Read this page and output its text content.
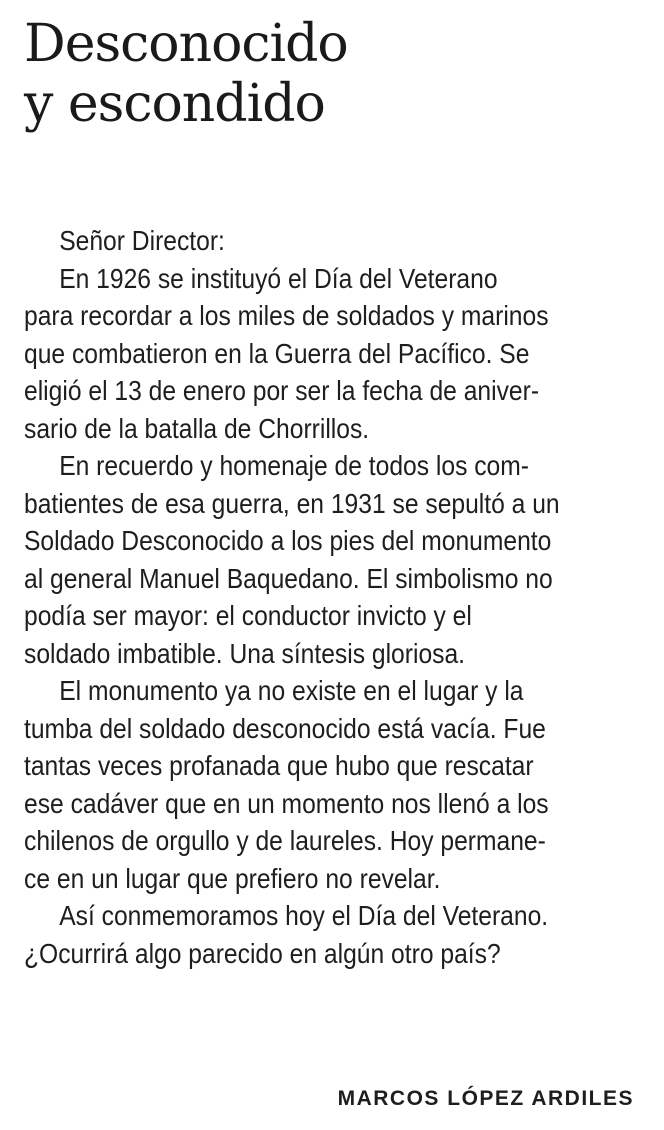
Desconocido
y escondido
Señor Director:
En 1926 se instituyó el Día del Veterano
para recordar a los miles de soldados y marinos
que combatieron en la Guerra del Pacífico. Se
eligió el 13 de enero por ser la fecha de aniver-
sario de la batalla de Chorrillos.
En recuerdo y homenaje de todos los com-
batientes de esa guerra, en 1931 se sepultó a un
Soldado Desconocido a los pies del monumento
al general Manuel Baquedano. El simbolismo no
podía ser mayor: el conductor invicto y el
soldado imbatible. Una síntesis gloriosa.
El monumento ya no existe en el lugar y la
tumba del soldado desconocido está vacía. Fue
tantas veces profanada que hubo que rescatar
ese cadáver que en un momento nos llenó a los
chilenos de orgullo y de laureles. Hoy permane-
ce en un lugar que prefiero no revelar.
Así conmemoramos hoy el Día del Veterano.
¿Ocurrirá algo parecido en algún otro país?
MARCOS LÓPEZ ARDILES
